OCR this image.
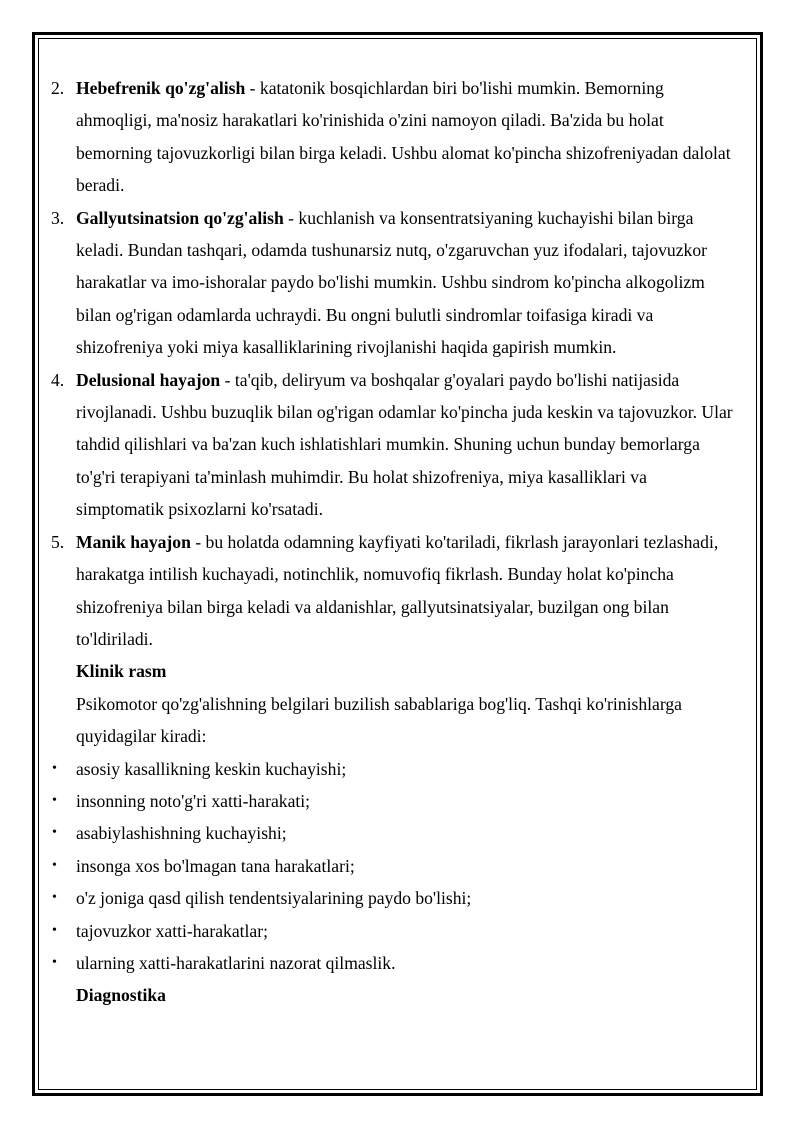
2. Hebefrenik qo'zg'alish - katatonik bosqichlardan biri bo'lishi mumkin. Bemorning ahmoqligi, ma'nosiz harakatlari ko'rinishida o'zini namoyon qiladi. Ba'zida bu holat bemorning tajovuzkorligi bilan birga keladi. Ushbu alomat ko'pincha shizofreniyadan dalolat beradi.
3. Gallyutsinatsion qo'zg'alish - kuchlanish va konsentratsiyaning kuchayishi bilan birga keladi. Bundan tashqari, odamda tushunarsiz nutq, o'zgaruvchan yuz ifodalari, tajovuzkor harakatlar va imo-ishoralar paydo bo'lishi mumkin. Ushbu sindrom ko'pincha alkogolizm bilan og'rigan odamlarda uchraydi. Bu ongni bulutli sindromlar toifasiga kiradi va shizofreniya yoki miya kasalliklarining rivojlanishi haqida gapirish mumkin.
4. Delusional hayajon - ta'qib, deliryum va boshqalar g'oyalari paydo bo'lishi natijasida rivojlanadi. Ushbu buzuqlik bilan og'rigan odamlar ko'pincha juda keskin va tajovuzkor. Ular tahdid qilishlari va ba'zan kuch ishlatishlari mumkin. Shuning uchun bunday bemorlarga to'g'ri terapiyani ta'minlash muhimdir. Bu holat shizofreniya, miya kasalliklari va simptomatik psixozlarni ko'rsatadi.
5. Manik hayajon - bu holatda odamning kayfiyati ko'tariladi, fikrlash jarayonlari tezlashadi, harakatga intilish kuchayadi, notinchlik, nomuvofiq fikrlash. Bunday holat ko'pincha shizofreniya bilan birga keladi va aldanishlar, gallyutsinatsiyalar, buzilgan ong bilan to'ldiriladi.
Klinik rasm
Psikomotor qo'zg'alishning belgilari buzilish sabablariga bog'liq. Tashqi ko'rinishlarga quyidagilar kiradi:
• asosiy kasallikning keskin kuchayishi;
• insonning noto'g'ri xatti-harakati;
• asabiylashishning kuchayishi;
• insonga xos bo'lmagan tana harakatlari;
• o'z joniga qasd qilish tendentsiyalarining paydo bo'lishi;
• tajovuzkor xatti-harakatlar;
• ularning xatti-harakatlarini nazorat qilmaslik.
Diagnostika
